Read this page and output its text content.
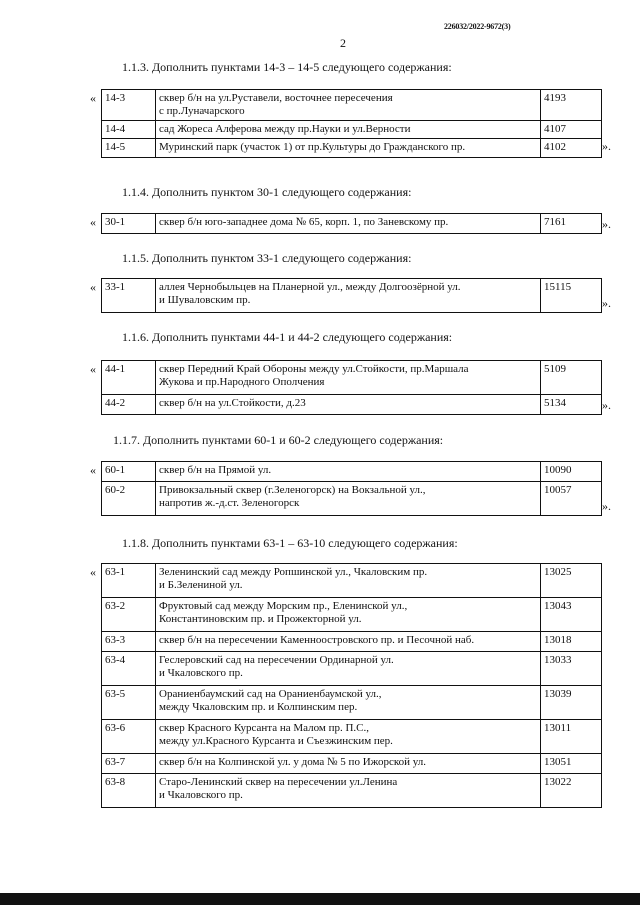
226032/2022-9672(3)
2
1.1.3. Дополнить пунктами 14-3 – 14-5 следующего содержания:
« 14-3	сквер б/н на ул.Руставели, восточнее пересечения
с пр.Луначарского	4193
14-4	сад Жореса Алферова между пр.Науки и ул.Верности	4107
14-5	Муринский парк (участок 1) от пр.Культуры до Гражданского пр.	4102	».
1.1.4. Дополнить пунктом 30-1 следующего содержания:
« 30-1	сквер б/н юго-западнее дома № 65, корп. 1, по Заневскому пр.	7161	».
1.1.5. Дополнить пунктом 33-1 следующего содержания:
« 33-1	аллея Чернобыльцев на Планерной ул., между Долгоозёрной ул.
и Шуваловским пр.	15115
».
1.1.6. Дополнить пунктами 44-1 и 44-2 следующего содержания:
« 44-1	сквер Передний Край Обороны между ул.Стойкости, пр.Маршала
Жукова и пр.Народного Ополчения	5109
44-2	сквер б/н на ул.Стойкости, д.23	5134	».
1.1.7. Дополнить пунктами 60-1 и 60-2 следующего содержания:
« 60-1	сквер б/н на Прямой ул.	10090
60-2	Привокзальный сквер (г.Зеленогорск) на Вокзальной ул.,
напротив ж.-д.ст. Зеленогорск	10057
».
1.1.8. Дополнить пунктами 63-1 – 63-10 следующего содержания:
« 63-1	Зеленинский сад между Ропшинской ул., Чкаловским пр.
и Б.Зелениной ул.	13025
63-2	Фруктовый сад между Морским пр., Еленинской ул.,
Константиновским пр. и Прожекторной ул.	13043
63-3	сквер б/н на пересечении Каменноостровского пр. и Песочной наб.	13018
63-4	Геслеровский сад на пересечении Ординарной ул.
и Чкаловского пр.	13033
63-5	Ораниенбаумский сад на Ораниенбаумской ул.,
между Чкаловским пр. и Колпинским пер.	13039
63-6	сквер Красного Курсанта на Малом пр. П.С.,
между ул.Красного Курсанта и Съезжинским пер.	13011
63-7	сквер б/н на Колпинской ул. у дома № 5 по Ижорской ул.	13051
63-8	Старо-Ленинский сквер на пересечении ул.Ленина
и Чкаловского пр.	13022
